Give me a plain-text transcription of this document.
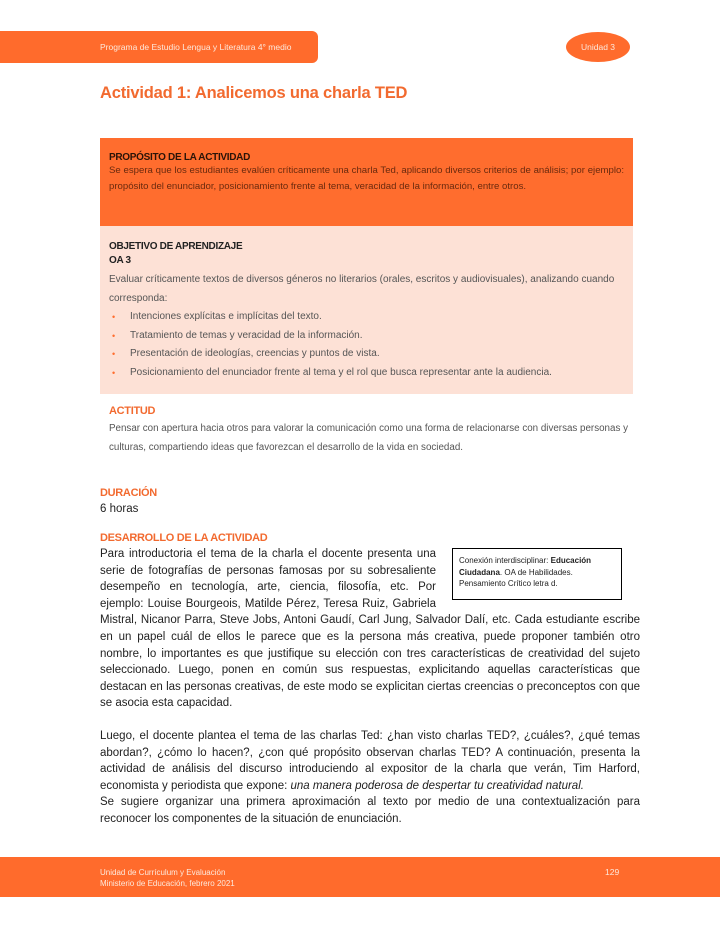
Programa de Estudio Lengua y Literatura 4° medio	Unidad 3
Actividad 1: Analicemos una charla TED
PROPÓSITO DE LA ACTIVIDAD

Se espera que los estudiantes evalúen críticamente una charla Ted, aplicando diversos criterios de análisis; por ejemplo: propósito del enunciador, posicionamiento frente al tema, veracidad de la información, entre otros.

OBJETIVO DE APRENDIZAJE
OA 3

Evaluar críticamente textos de diversos géneros no literarios (orales, escritos y audiovisuales), analizando cuando corresponda:

• Intenciones explícitas e implícitas del texto.
• Tratamiento de temas y veracidad de la información.
• Presentación de ideologías, creencias y puntos de vista.
• Posicionamiento del enunciador frente al tema y el rol que busca representar ante la audiencia.
ACTITUD

Pensar con apertura hacia otros para valorar la comunicación como una forma de relacionarse con diversas personas y culturas, compartiendo ideas que favorezcan el desarrollo de la vida en sociedad.

DURACIÓN
6 horas
DESARROLLO DE LA ACTIVIDAD
Conexión interdisciplinar: Educación Ciudadana. OA de Habilidades. Pensamiento Crítico letra d.

Para introductoria el tema de la charla el docente presenta una serie de fotografías de personas famosas por su sobresaliente desempeño en tecnología, arte, ciencia, filosofía, etc. Por ejemplo: Louise Bourgeois, Matilde Pérez, Teresa Ruiz, Gabriela Mistral, Nicanor Parra, Steve Jobs, Antoni Gaudí, Carl Jung, Salvador Dalí, etc. Cada estudiante escribe en un papel cuál de ellos le parece que es la persona más creativa, puede proponer también otro nombre, lo importantes es que justifique su elección con tres características de creatividad del sujeto seleccionado. Luego, ponen en común sus respuestas, explicitando aquellas características que destacan en las personas creativas, de este modo se explicitan ciertas creencias o preconceptos con que se asocia esta capacidad.

Luego, el docente plantea el tema de las charlas Ted: ¿han visto charlas TED?, ¿cuáles?, ¿qué temas abordan?, ¿cómo lo hacen?, ¿con qué propósito observan charlas TED? A continuación, presenta la actividad de análisis del discurso introduciendo al expositor de la charla que verán, Tim Harford, economista y periodista que expone: una manera poderosa de despertar tu creatividad natural.

Se sugiere organizar una primera aproximación al texto por medio de una contextualización para reconocer los componentes de la situación de enunciación.

Unidad de Currículum y Evaluación
Ministerio de Educación, febrero 2021
129
